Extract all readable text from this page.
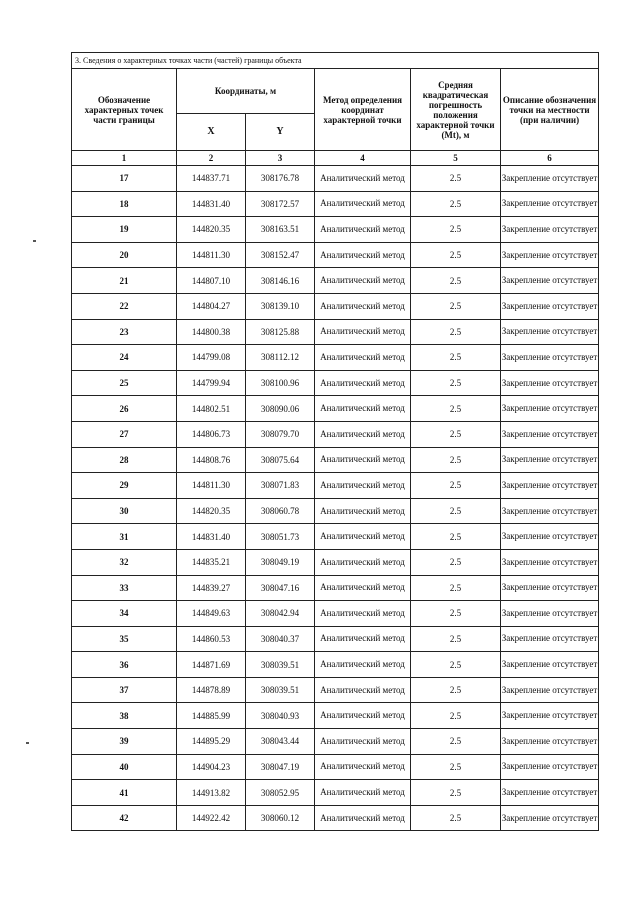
3. Сведения о характерных точках части (частей) границы объекта					
Обозначение характерных точек части границы	Координаты, м		Метод определения координат характерной точки	Средняя квадратическая погрешность положения характерной точки (Mt), м	Описание обозначения точки на местности (при наличии)
	X	Y			
1	2	3	4	5	6
17	144837.71	308176.78	Аналитический метод	2.5	Закрепление отсутствует
18	144831.40	308172.57	Аналитический метод	2.5	Закрепление отсутствует
19	144820.35	308163.51	Аналитический метод	2.5	Закрепление отсутствует
20	144811.30	308152.47	Аналитический метод	2.5	Закрепление отсутствует
21	144807.10	308146.16	Аналитический метод	2.5	Закрепление отсутствует
22	144804.27	308139.10	Аналитический метод	2.5	Закрепление отсутствует
23	144800.38	308125.88	Аналитический метод	2.5	Закрепление отсутствует
24	144799.08	308112.12	Аналитический метод	2.5	Закрепление отсутствует
25	144799.94	308100.96	Аналитический метод	2.5	Закрепление отсутствует
26	144802.51	308090.06	Аналитический метод	2.5	Закрепление отсутствует
27	144806.73	308079.70	Аналитический метод	2.5	Закрепление отсутствует
28	144808.76	308075.64	Аналитический метод	2.5	Закрепление отсутствует
29	144811.30	308071.83	Аналитический метод	2.5	Закрепление отсутствует
30	144820.35	308060.78	Аналитический метод	2.5	Закрепление отсутствует
31	144831.40	308051.73	Аналитический метод	2.5	Закрепление отсутствует
32	144835.21	308049.19	Аналитический метод	2.5	Закрепление отсутствует
33	144839.27	308047.16	Аналитический метод	2.5	Закрепление отсутствует
34	144849.63	308042.94	Аналитический метод	2.5	Закрепление отсутствует
35	144860.53	308040.37	Аналитический метод	2.5	Закрепление отсутствует
36	144871.69	308039.51	Аналитический метод	2.5	Закрепление отсутствует
37	144878.89	308039.51	Аналитический метод	2.5	Закрепление отсутствует
38	144885.99	308040.93	Аналитический метод	2.5	Закрепление отсутствует
39	144895.29	308043.44	Аналитический метод	2.5	Закрепление отсутствует
40	144904.23	308047.19	Аналитический метод	2.5	Закрепление отсутствует
41	144913.82	308052.95	Аналитический метод	2.5	Закрепление отсутствует
42	144922.42	308060.12	Аналитический метод	2.5	Закрепление отсутствует
